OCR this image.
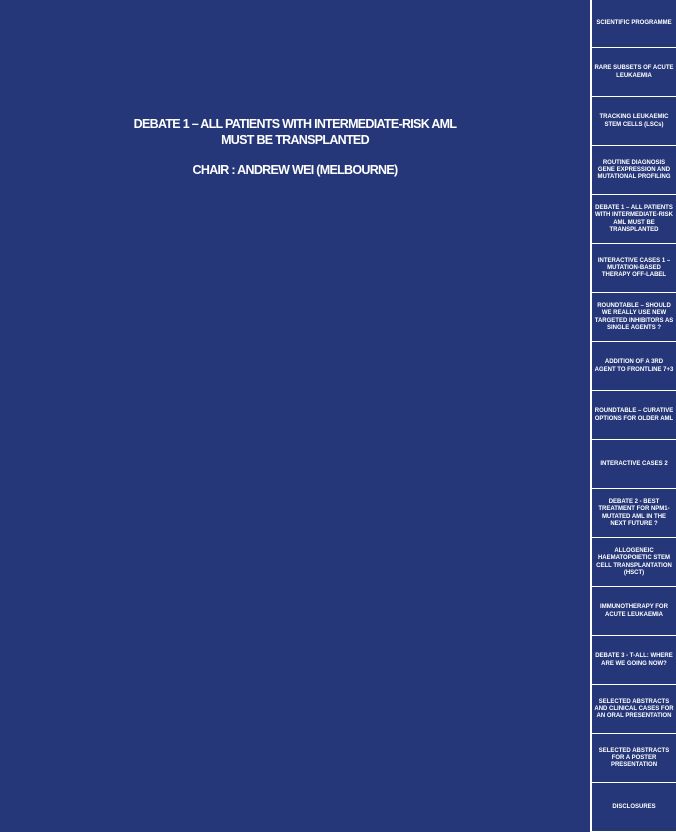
DEBATE 1 – ALL PATIENTS WITH INTERMEDIATE-RISK AML
MUST BE TRANSPLANTED
CHAIR : ANDREW WEI (MELBOURNE)
SCIENTIFIC PROGRAMME
RARE SUBSETS OF ACUTE LEUKAEMIA
TRACKING LEUKAEMIC STEM CELLS (LSCs)
ROUTINE DIAGNOSIS GENE EXPRESSION AND MUTATIONAL PROFILING
DEBATE 1 – ALL PATIENTS WITH INTERMEDIATE-RISK AML MUST BE TRANSPLANTED
INTERACTIVE CASES 1 – MUTATION-BASED THERAPY OFF-LABEL
ROUNDTABLE – SHOULD WE REALLY USE NEW TARGETED INHIBITORS AS SINGLE AGENTS ?
ADDITION OF A 3RD AGENT TO FRONTLINE 7+3
ROUNDTABLE – CURATIVE OPTIONS FOR OLDER AML
INTERACTIVE CASES 2
DEBATE 2 - BEST TREATMENT FOR NPM1-MUTATED AML IN THE NEXT FUTURE ?
ALLOGENEIC HAEMATOPOIETIC STEM CELL TRANSPLANTATION (HSCT)
IMMUNOTHERAPY FOR ACUTE LEUKAEMIA
DEBATE 3 - T-ALL: WHERE ARE WE GOING NOW?
SELECTED ABSTRACTS AND CLINICAL CASES FOR AN ORAL PRESENTATION
SELECTED ABSTRACTS FOR A POSTER PRESENTATION
DISCLOSURES
